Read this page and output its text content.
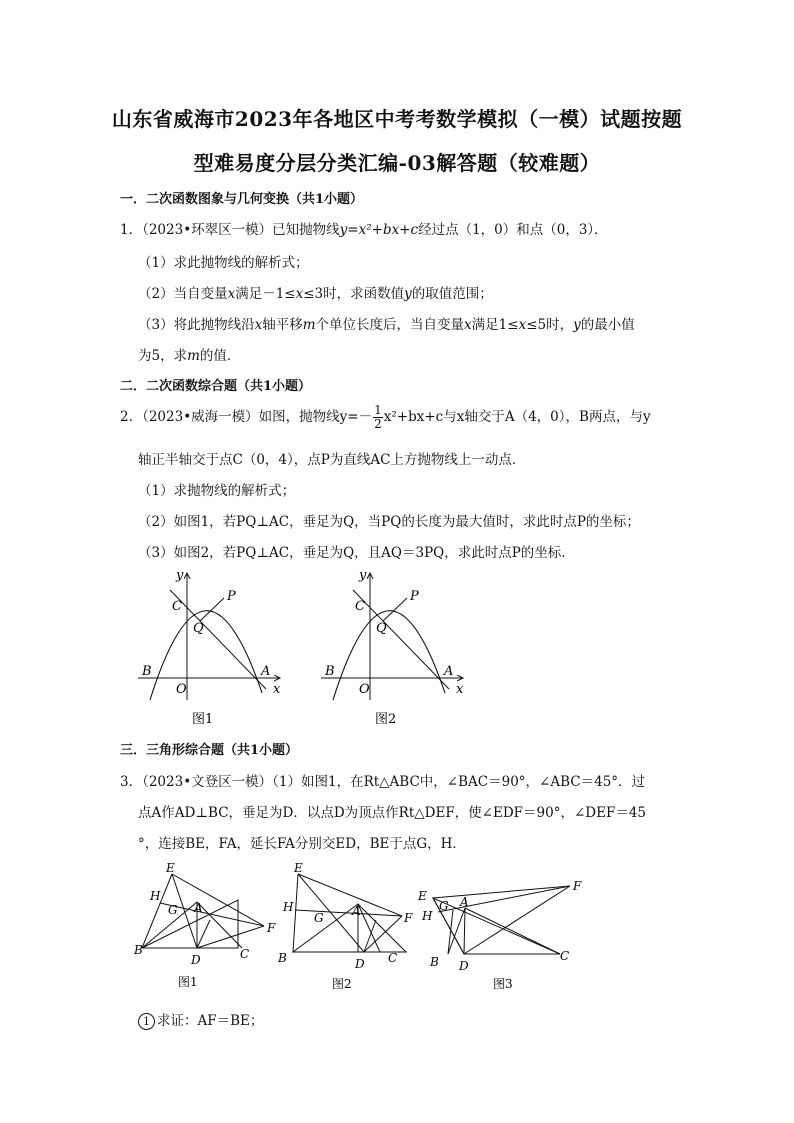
山东省威海市2023年各地区中考考数学模拟（一模）试题按题
型难易度分层分类汇编-03解答题（较难题）
一．二次函数图象与几何变换（共1小题）
1．（2023•环翠区一模）已知抛物线y=x²+bx+c经过点（1，0）和点（0，3）．
（1）求此抛物线的解析式；
（2）当自变量x满足－1≤x≤3时，求函数值y的取值范围；
（3）将此抛物线沿x轴平移m个单位长度后，当自变量x满足1≤x≤5时，y的最小值
为5，求m的值．
二．二次函数综合题（共1小题）
2．（2023•威海一模）如图，抛物线$y=- \frac{1}{2} x^2+bx+c$与x轴交于A（4，0），B两点，与y
轴正半轴交于点C（0，4），点P为直线AC上方抛物线上一动点．
（1）求抛物线的解析式；
（2）如图1，若PQ⊥AC，垂足为Q，当PQ的长度为最大值时，求此时点P的坐标；
（3）如图2，若PQ⊥AC，垂足为Q，且AQ＝3PQ，求此时点P的坐标．
y
C
P
Q
B
O
A
x
图1
y
C
P
Q
B
O
A
x
图2
三．三角形综合题（共1小题）
3．（2023•文登区一模）（1）如图1，在Rt△ABC中，∠BAC＝90°，∠ABC＝45°．过
点A作AD⊥BC，垂足为D．以点D为顶点作Rt△DEF，使∠EDF＝90°，∠DEF＝45
°，连接BE，FA，延长FA分别交ED，BE于点G，H．
E
H
G A
F
B
D	C
图1
E
H
G A	F
B	D C
图2
E
H
G A
F
B D
C
图3
1 求证：AF＝BE；
